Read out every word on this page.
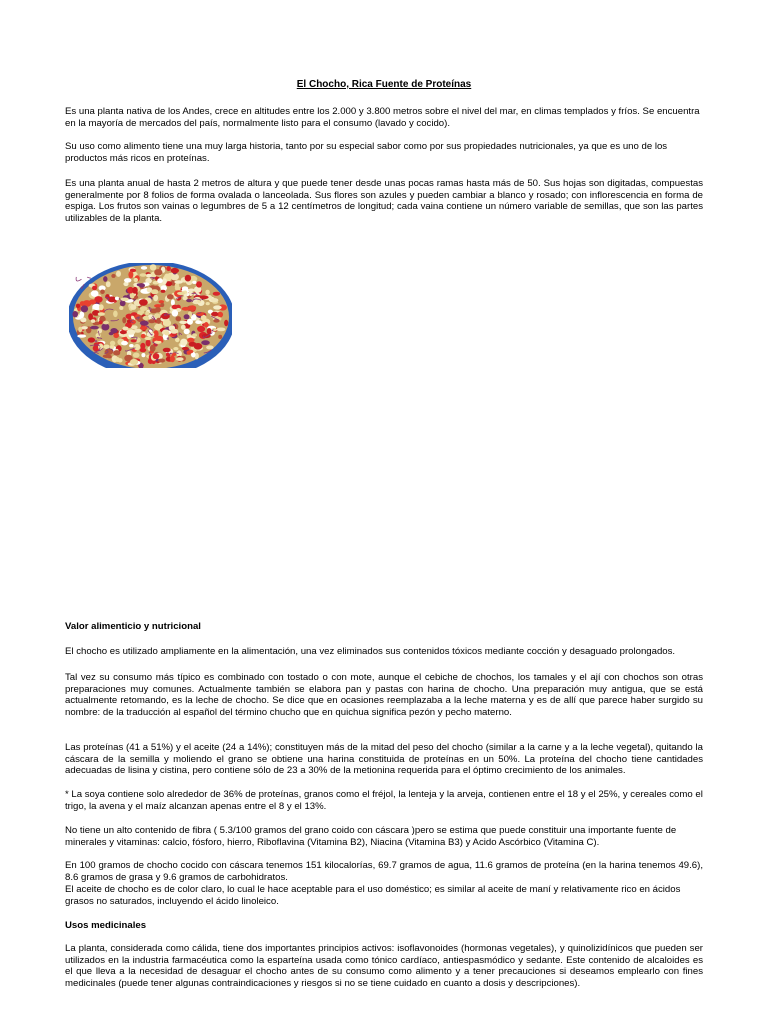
El Chocho, Rica Fuente de Proteínas

Es una planta nativa de los Andes, crece en altitudes entre los 2.000 y 3.800 metros sobre el nivel del mar, en climas templados y fríos. Se encuentra en la mayoría de mercados del país, normalmente listo para el consumo (lavado y cocido).

Su uso como alimento tiene una muy larga historia, tanto por su especial sabor como por sus propiedades nutricionales, ya que es uno de los productos más ricos en proteínas.

Es una planta anual de hasta 2 metros de altura y que puede tener desde unas pocas ramas hasta más de 50. Sus hojas son digitadas, compuestas generalmente por 8 folios de forma ovalada o lanceolada. Sus flores son azules y pueden cambiar a blanco y rosado; con inflorescencia en forma de espiga. Los frutos son vainas o legumbres de 5 a 12 centímetros de longitud; cada vaina contiene un número variable de semillas, que son las partes utilizables de la planta.

Valor alimenticio y nutricional

El chocho es utilizado ampliamente en la alimentación, una vez eliminados sus contenidos tóxicos mediante cocción y desaguado prolongados.

Tal vez su consumo más típico es combinado con tostado o con mote, aunque el cebiche de chochos, los tamales y el ají con chochos son otras preparaciones muy comunes. Actualmente también se elabora pan y pastas con harina de chocho. Una preparación muy antigua, que se está actualmente retomando, es la leche de chocho. Se dice que en ocasiones reemplazaba a la leche materna y es de allí que parece haber surgido su nombre: de la traducción al español del término chucho que en quichua significa pezón y pecho materno.

Las proteínas (41 a 51%) y el aceite (24 a 14%); constituyen más de la mitad del peso del chocho (similar a la carne y a la leche vegetal), quitando la cáscara de la semilla y moliendo el grano se obtiene una harina constituida de proteínas en un 50%. La proteína del chocho tiene cantidades adecuadas de lisina y cistina, pero contiene sólo de 23 a 30% de la metionina requerida para el óptimo crecimiento de los animales.

* La soya contiene solo alrededor de 36% de proteínas, granos como el fréjol, la lenteja y la arveja, contienen entre el 18 y el 25%, y cereales como el trigo, la avena y el maíz alcanzan apenas entre el 8 y el 13%.

No tiene un alto contenido de fibra ( 5.3/100 gramos del grano coido con cáscara )pero se estima que puede constituir una importante fuente de minerales y vitaminas: calcio, fósforo, hierro, Riboflavina (Vitamina B2), Niacina (Vitamina B3) y Acido Ascórbico (Vitamina C).

En 100 gramos de chocho cocido con cáscara tenemos 151 kilocalorías, 69.7 gramos de agua, 11.6 gramos de proteína (en la harina tenemos 49.6), 8.6 gramos de grasa y 9.6 gramos de carbohidratos.

El aceite de chocho es de color claro, lo cual le hace aceptable para el uso doméstico; es similar al aceite de maní y relativamente rico en ácidos grasos no saturados, incluyendo el ácido linoleico.

Usos medicinales

La planta, considerada como cálida, tiene dos importantes principios activos: isoflavonoides (hormonas vegetales), y quinolizidínicos que pueden ser utilizados en la industria farmacéutica como la esparteína usada como tónico cardíaco, antiespasmódico y sedante. Este contenido de alcaloides es el que lleva a la necesidad de desaguar el chocho antes de su consumo como alimento y a tener precauciones si deseamos emplearlo con fines medicinales (puede tener algunas contraindicaciones y riesgos si no se tiene cuidado en cuanto a dosis y descripciones).
